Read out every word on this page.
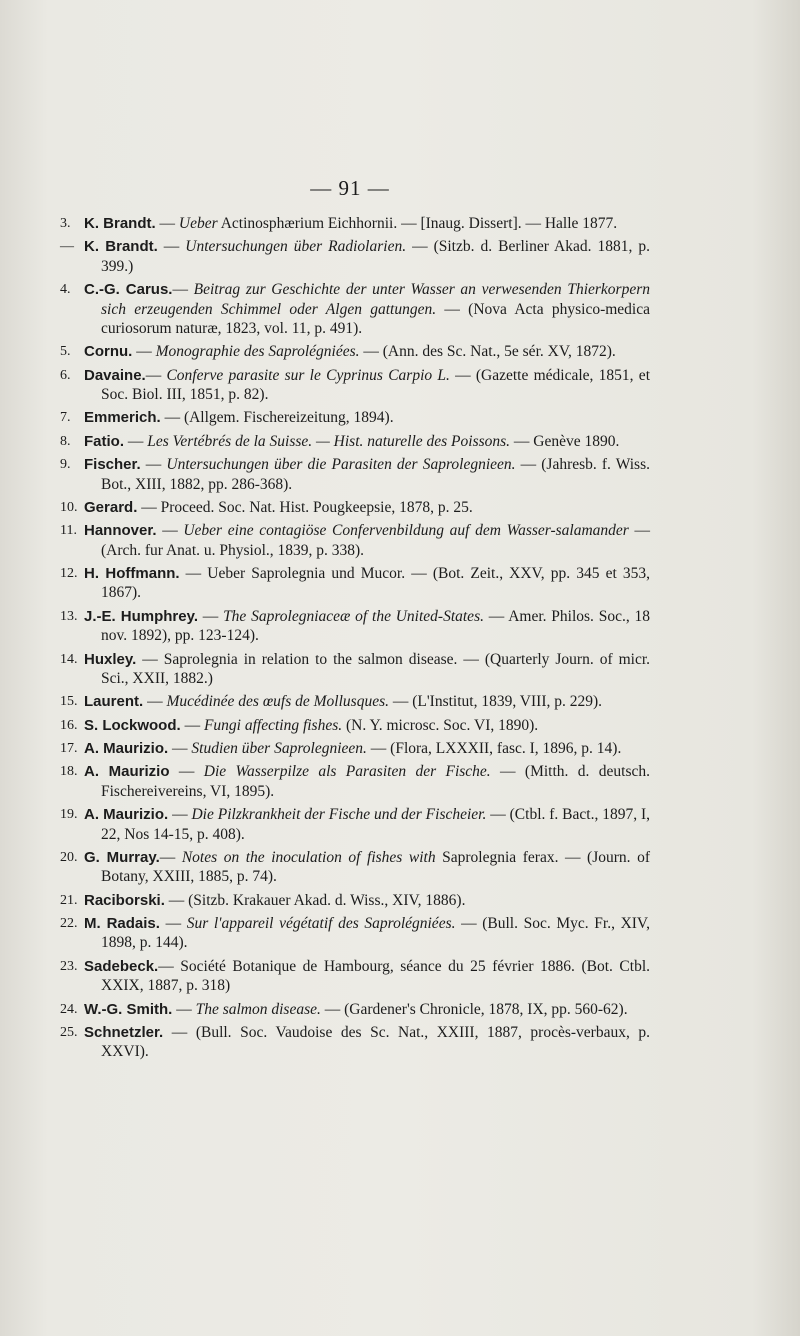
— 91 —
3. K. Brandt. — Ueber Actinosphærium Eichhornii. — [Inaug. Dissert]. — Halle 1877.
— K. Brandt. — Untersuchungen über Radiolarien. — (Sitzb. d. Berliner Akad. 1881, p. 399.)
4. C.-G. Carus.— Beitrag zur Geschichte der unter Wasser an verwesenden Thierkorpern sich erzeugenden Schimmel oder Algen gattungen. — (Nova Acta physico-medica curiosorum naturæ, 1823, vol. 11, p. 491).
5. Cornu. — Monographie des Saprolégniées. — (Ann. des Sc. Nat., 5e sér. XV, 1872).
6. Davaine.— Conferve parasite sur le Cyprinus Carpio L. — (Gazette médicale, 1851, et Soc. Biol. III, 1851, p. 82).
7. Emmerich. — (Allgem. Fischereizeitung, 1894).
8. Fatio. — Les Vertébrés de la Suisse. — Hist. naturelle des Poissons. — Genève 1890.
9. Fischer. — Untersuchungen über die Parasiten der Saprolegnieen. — (Jahresb. f. Wiss. Bot., XIII, 1882, pp. 286-368).
10. Gerard. — Proceed. Soc. Nat. Hist. Pougkeepsie, 1878, p. 25.
11. Hannover. — Ueber eine contagiöse Confervenbildung auf dem Wasser-salamander — (Arch. fur Anat. u. Physiol., 1839, p. 338).
12. H. Hoffmann. — Ueber Saprolegnia und Mucor. — (Bot. Zeit., XXV, pp. 345 et 353, 1867).
13. J.-E. Humphrey. — The Saprolegniaceæ of the United-States. — Amer. Philos. Soc., 18 nov. 1892), pp. 123-124).
14. Huxley. — Saprolegnia in relation to the salmon disease. — (Quarterly Journ. of micr. Sci., XXII, 1882.)
15. Laurent. — Mucédinée des œufs de Mollusques. — (L'Institut, 1839, VIII, p. 229).
16. S. Lockwood. — Fungi affecting fishes. (N. Y. microsc. Soc. VI, 1890).
17. A. Maurizio. — Studien über Saprolegnieen. — (Flora, LXXXII, fasc. I, 1896, p. 14).
18. A. Maurizio — Die Wasserpilze als Parasiten der Fische. — (Mitth. d. deutsch. Fischereivereins, VI, 1895).
19. A. Maurizio. — Die Pilzkrankheit der Fische und der Fischeier. — (Ctbl. f. Bact., 1897, I, 22, Nos 14-15, p. 408).
20. G. Murray.— Notes on the inoculation of fishes with Saprolegnia ferax. — (Journ. of Botany, XXIII, 1885, p. 74).
21. Raciborski. — (Sitzb. Krakauer Akad. d. Wiss., XIV, 1886).
22. M. Radais. — Sur l'appareil végétatif des Saprolégniées. — (Bull. Soc. Myc. Fr., XIV, 1898, p. 144).
23. Sadebeck.— Société Botanique de Hambourg, séance du 25 février 1886. (Bot. Ctbl. XXIX, 1887, p. 318)
24. W.-G. Smith. — The salmon disease. — (Gardener's Chronicle, 1878, IX, pp. 560-62).
25. Schnetzler. — (Bull. Soc. Vaudoise des Sc. Nat., XXIII, 1887, procès-verbaux, p. XXVI).
